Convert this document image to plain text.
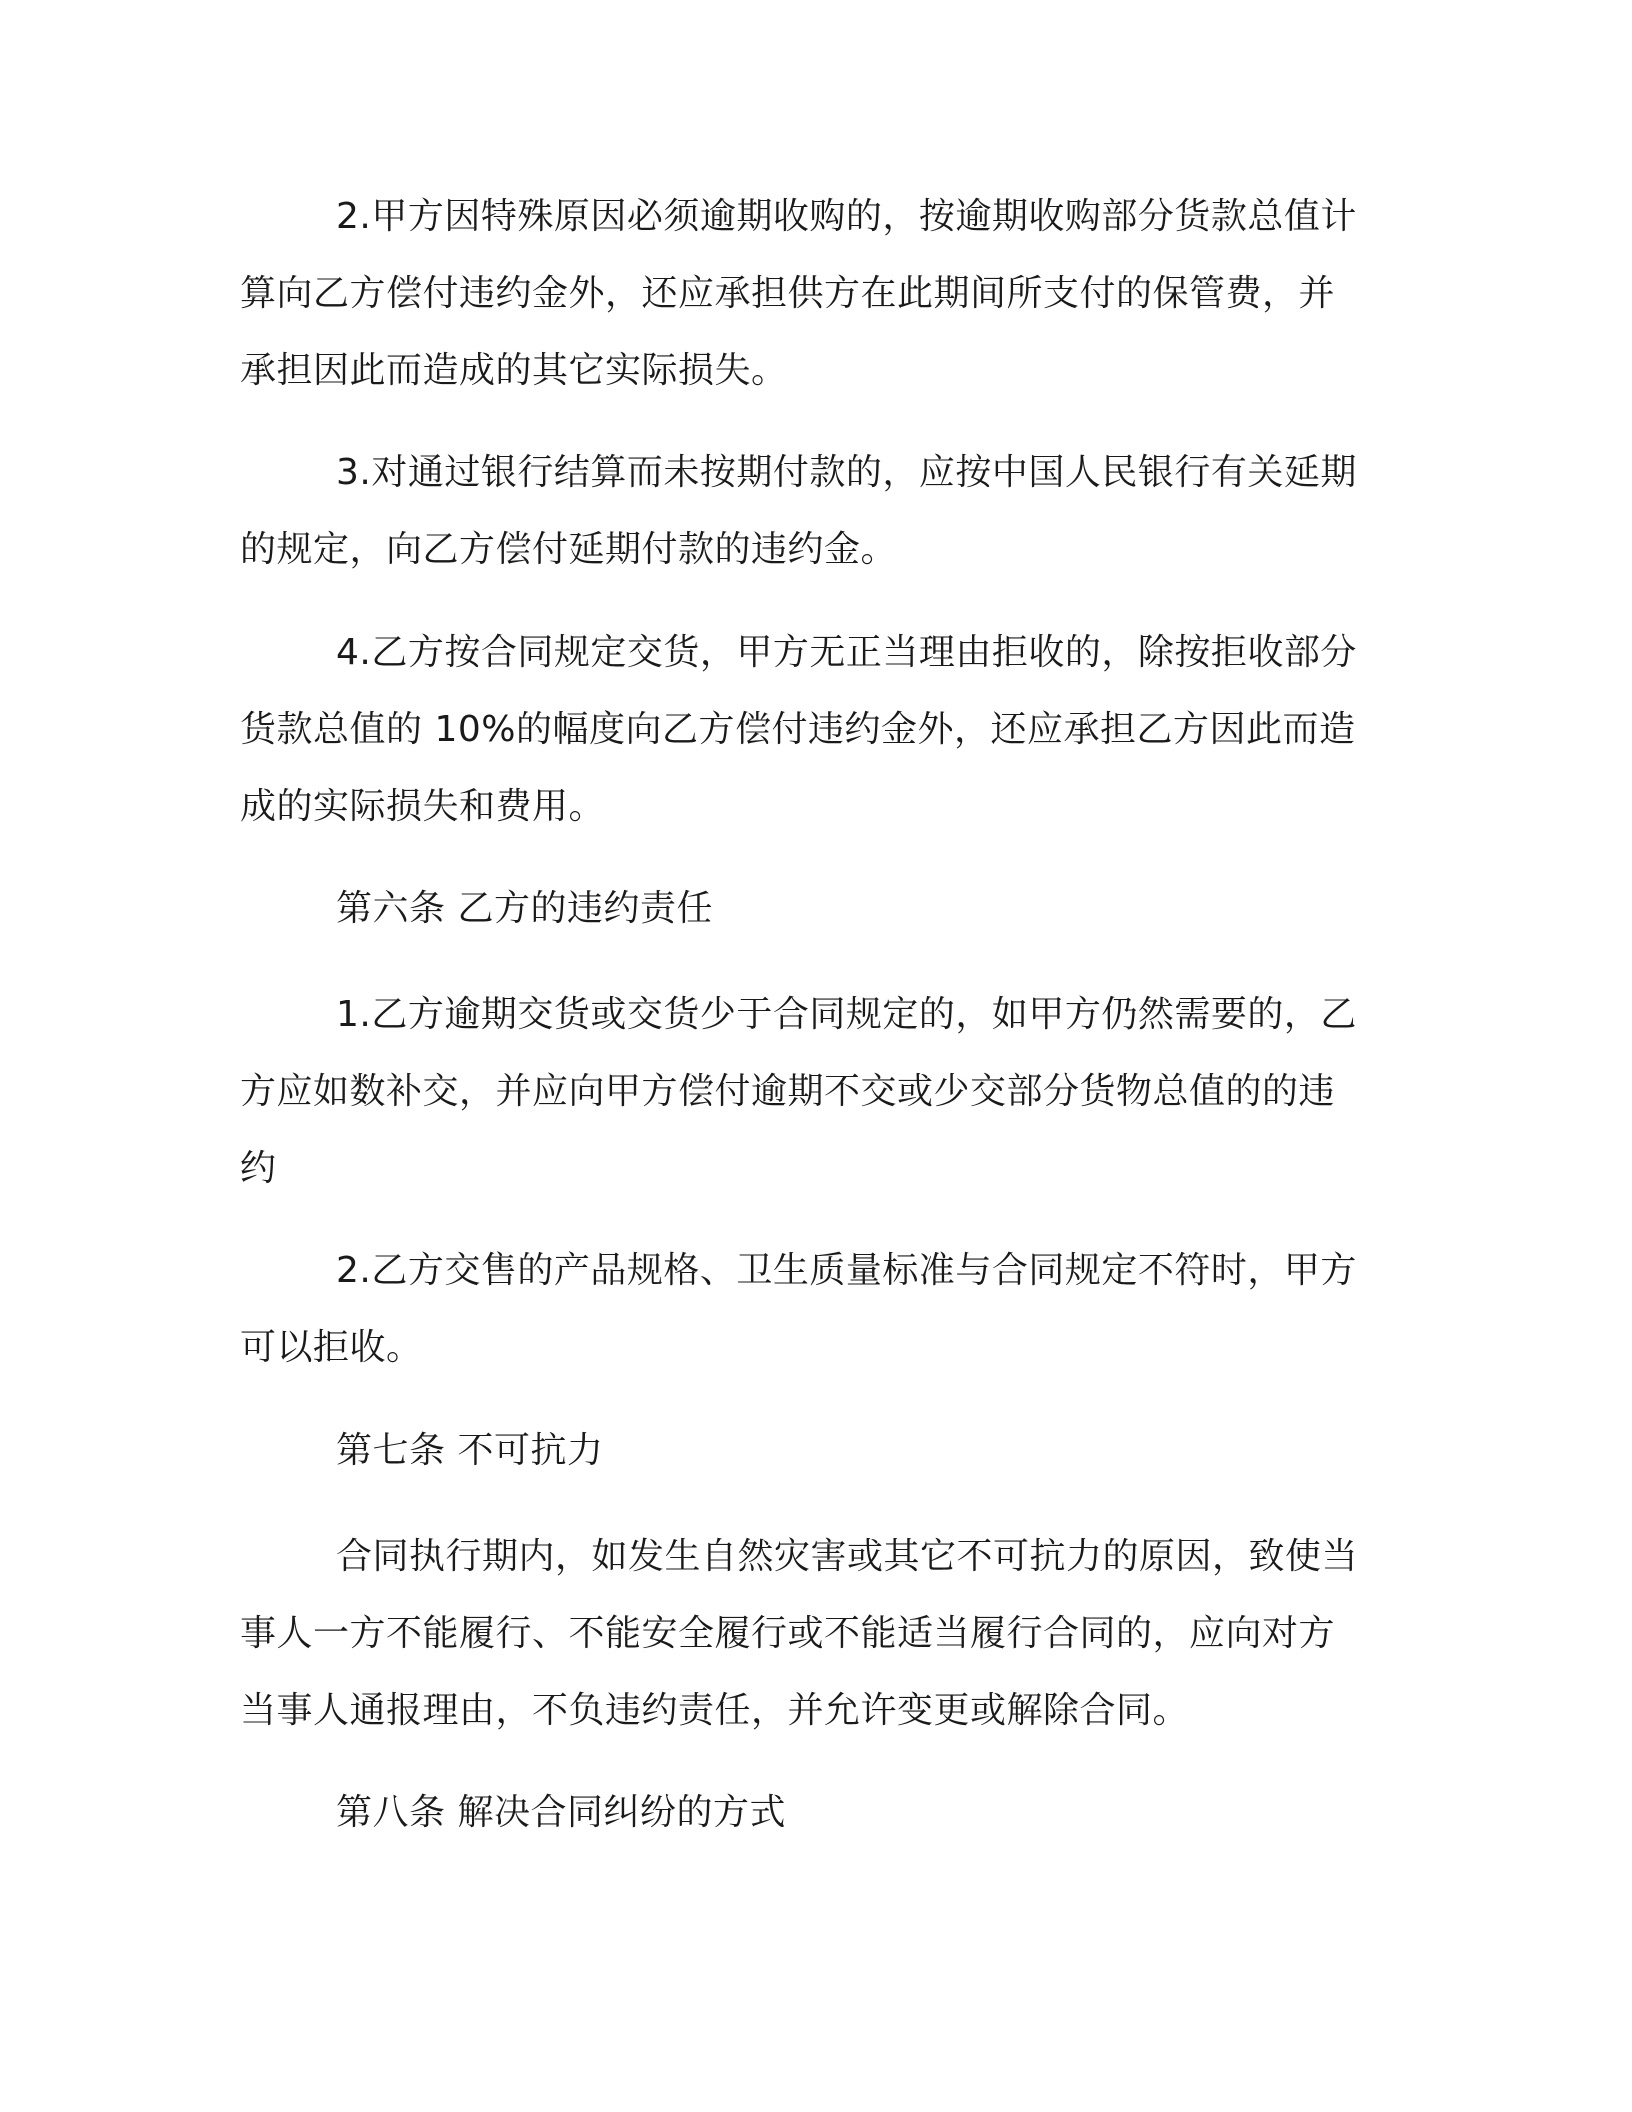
2.甲方因特殊原因必须逾期收购的，按逾期收购部分货款总值计
算向乙方偿付违约金外，还应承担供方在此期间所支付的保管费，并
承担因此而造成的其它实际损失。

3.对通过银行结算而未按期付款的，应按中国人民银行有关延期
的规定，向乙方偿付延期付款的违约金。

4.乙方按合同规定交货，甲方无正当理由拒收的，除按拒收部分
货款总值的 10%的幅度向乙方偿付违约金外，还应承担乙方因此而造
成的实际损失和费用。

第六条 乙方的违约责任

1.乙方逾期交货或交货少于合同规定的，如甲方仍然需要的，乙
方应如数补交，并应向甲方偿付逾期不交或少交部分货物总值的的违
约

2.乙方交售的产品规格、卫生质量标准与合同规定不符时，甲方
可以拒收。

第七条 不可抗力

合同执行期内，如发生自然灾害或其它不可抗力的原因，致使当
事人一方不能履行、不能安全履行或不能适当履行合同的，应向对方
当事人通报理由，不负违约责任，并允许变更或解除合同。

第八条 解决合同纠纷的方式
